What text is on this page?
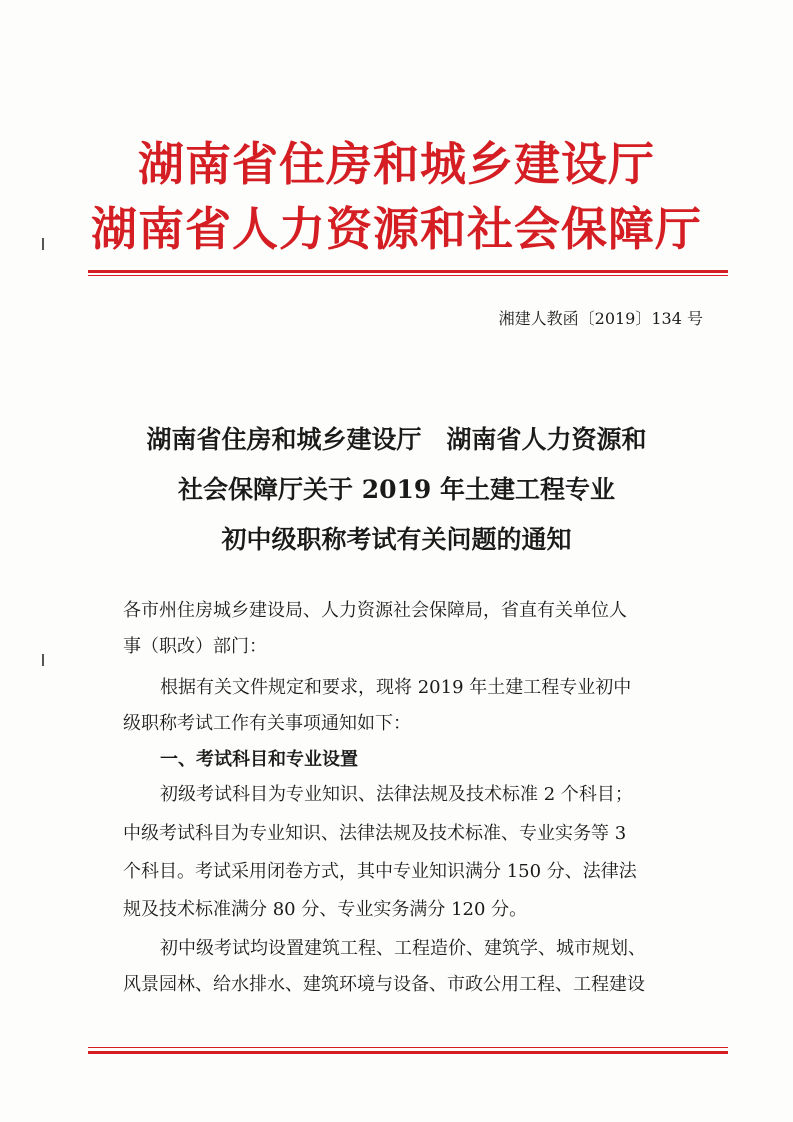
湖南省住房和城乡建设厅
湖南省人力资源和社会保障厅
湘建人教函〔2019〕134 号
湖南省住房和城乡建设厅　湖南省人力资源和
社会保障厅关于 2019 年土建工程专业
初中级职称考试有关问题的通知
各市州住房城乡建设局、人力资源社会保障局，省直有关单位人
事（职改）部门：
根据有关文件规定和要求，现将 2019 年土建工程专业初中
级职称考试工作有关事项通知如下：
一、考试科目和专业设置
初级考试科目为专业知识、法律法规及技术标准 2 个科目；
中级考试科目为专业知识、法律法规及技术标准、专业实务等 3
个科目。考试采用闭卷方式，其中专业知识满分 150 分、法律法
规及技术标准满分 80 分、专业实务满分 120 分。
初中级考试均设置建筑工程、工程造价、建筑学、城市规划、
风景园林、给水排水、建筑环境与设备、市政公用工程、工程建设
